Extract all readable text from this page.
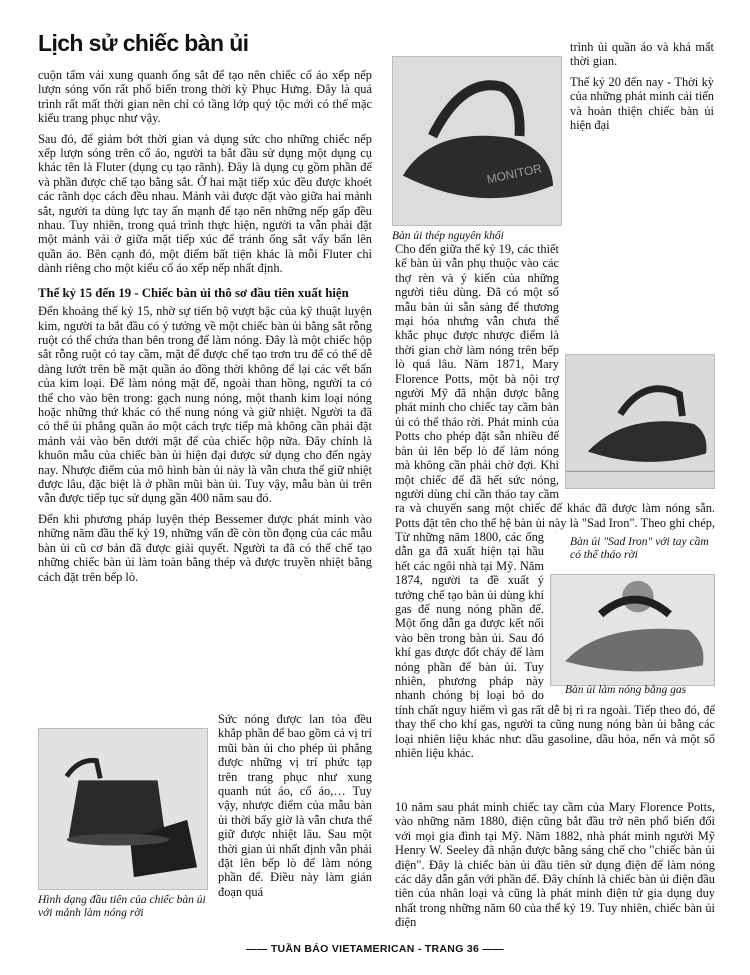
Lịch sử chiếc bàn ủi

cuộn tấm vải xung quanh ống sắt để tạo nên chiếc cổ áo xếp nếp lượn sóng vốn rất phổ biến trong thời kỳ Phục Hưng. Đây là quá trình rất mất thời gian nên chỉ có tầng lớp quý tộc mới có thể mặc kiểu trang phục như vậy.

Sau đó, để giảm bớt thời gian và dụng sức cho những chiếc nếp xếp lượn sóng trên cổ áo, người ta bắt đầu sử dụng một dụng cụ khác tên là Fluter (dụng cụ tạo rãnh). Đây là dụng cụ gồm phần đế và phần được chế tạo bằng sắt. Ở hai mặt tiếp xúc đều được khoét các rãnh dọc cách đều nhau. Mảnh vải được đặt vào giữa hai mảnh sắt, người ta dùng lực tay ấn mạnh để tạo nên những nếp gấp đều nhau. Tuy nhiên, trong quá trình thực hiện, người ta vẫn phải đặt một mảnh vải ở giữa mặt tiếp xúc để tránh ống sắt vấy bẩn lên quần áo. Bên cạnh đó, một điểm bất tiện khác là mỗi Fluter chỉ dành riêng cho một kiểu cổ áo xếp nếp nhất định.

Thế kỷ 15 đến 19 - Chiếc bàn ủi thô sơ đầu tiên xuất hiện

Đến khoảng thế kỷ 15, nhờ sự tiến bộ vượt bậc của kỹ thuật luyện kim, người ta bắt đầu có ý tưởng về một chiếc bàn ủi bằng sắt rỗng ruột có thể chứa than bên trong để làm nóng. Đây là một chiếc hộp sắt rỗng ruột có tay cầm, mặt để được chế tạo trơn tru để có thể dễ dàng lướt trên bề mặt quần áo đồng thời không để lại các vết bẩn của kim loại. Để làm nóng mặt để, ngoài than hồng, người ta có thể cho vào bên trong: gạch nung nóng, một thanh kim loại nóng hoặc những thứ khác có thể nung nóng và giữ nhiệt. Người ta đã có thể ủi phẳng quần áo một cách trực tiếp mà không cần phải đặt mảnh vải vào bên dưới mặt để của chiếc hộp nữa. Đây chính là khuôn mẫu của chiếc bàn ủi hiện đại được sử dụng cho đến ngày nay. Nhược điểm của mô hình bàn ủi này là vẫn chưa thể giữ nhiệt được lâu, đặc biệt là ở phần mũi bàn ủi. Tuy vậy, mẫu bàn ủi trên vẫn được tiếp tục sử dụng gần 400 năm sau đó.

Đến khi phương pháp luyện thép Bessemer được phát minh vào những năm đầu thế kỷ 19, những vấn đề còn tồn đọng của các mẫu bàn ủi cũ cơ bản đã được giải quyết. Người ta đã có thể chế tạo những chiếc bàn ủi làm toàn bằng thép và được truyền nhiệt bằng cách đặt trên bếp lò.

Hình dạng đầu tiên của chiếc bàn ủi với mảnh làm nóng rời

Sức nóng được lan tỏa đều khắp phần để bao gồm cả vị trí mũi bàn ủi cho phép ủi phẳng được những vị trí phức tạp trên trang phục như xung quanh nút áo, cổ áo,… Tuy vậy, nhược điểm của mẫu bàn ủi thời bấy giờ là vẫn chưa thể giữ được nhiệt lâu. Sau một thời gian ủi nhất định vẫn phải đặt lên bếp lò để làm nóng phần để. Điều này làm gián đoạn quá

MONITOR
Bàn ủi thép nguyên khối

trình ủi quần áo và khá mất thời gian.

Thế kỷ 20 đến nay - Thời kỳ của những phát minh cải tiến và hoàn thiện chiếc bàn ủi hiện đại

Cho đến giữa thế kỷ 19, các thiết kế bàn ủi vẫn phụ thuộc vào các thợ rèn và ý kiến của những người tiêu dùng. Đã có một số mẫu bàn ủi sẵn sàng để thương mại hóa nhưng vẫn chưa thể khắc phục được nhược điểm là thời gian chờ làm nóng trên bếp lò quá lâu. Năm 1871, Mary Florence Potts, một bà nội trợ người Mỹ đã nhận được bằng phát minh cho chiếc tay cầm bàn ủi có thể tháo rời. Phát minh của Potts cho phép đặt sẵn nhiều đế bàn ủi lên bếp lò để làm nóng mà không cần phải chờ đợi. Khi một chiếc đế đã hết sức nóng, người dùng chỉ cần tháo tay cầm ra và chuyển sang một chiếc đế khác đã được làm nóng sẵn. Potts đặt tên cho thế hệ bàn ủi này là "Sad Iron". Theo ghi chép,

Bàn ủi "Sad Iron" với tay cầm có thể tháo rời

Từ những năm 1800, các ống dẫn ga đã xuất hiện tại hầu hết các ngôi nhà tại Mỹ. Năm 1874, người ta đề xuất ý tưởng chế tạo bàn ủi dùng khí gas để nung nóng phần đế. Một ống dẫn ga được kết nối vào bên trong bàn ủi. Sau đó khí gas được đốt cháy để làm nóng phần đế bàn ủi. Tuy nhiên, phương pháp này nhanh chóng bị loại bỏ do tính chất nguy hiểm vì gas rất dễ bị rì ra ngoài. Tiếp theo đó, để thay thế cho khí gas, người ta cũng nung nóng bàn ủi bằng các loại nhiên liệu khác như: dầu gasoline, dầu hỏa, nến và một số nhiên liệu khác.

Bàn ủi làm nóng bằng gas

10 năm sau phát minh chiếc tay cầm của Mary Florence Potts, vào những năm 1880, điện cũng bắt đầu trở nên phổ biến đối với mọi gia đình tại Mỹ. Năm 1882, nhà phát minh người Mỹ Henry W. Seeley đã nhận được bằng sáng chế cho "chiếc bàn ủi điện". Đây là chiếc bàn ủi đầu tiên sử dụng điện để làm nóng các dây dẫn gắn với phần đế. Đây chính là chiếc bàn ủi điện đầu tiên của nhân loại và cũng là phát minh điện tử gia dụng duy nhất trong những năm 60 của thế kỷ 19. Tuy nhiên, chiếc bàn ủi điện

—— TUẦN BÁO VIETAMERICAN - TRANG 36 ——
